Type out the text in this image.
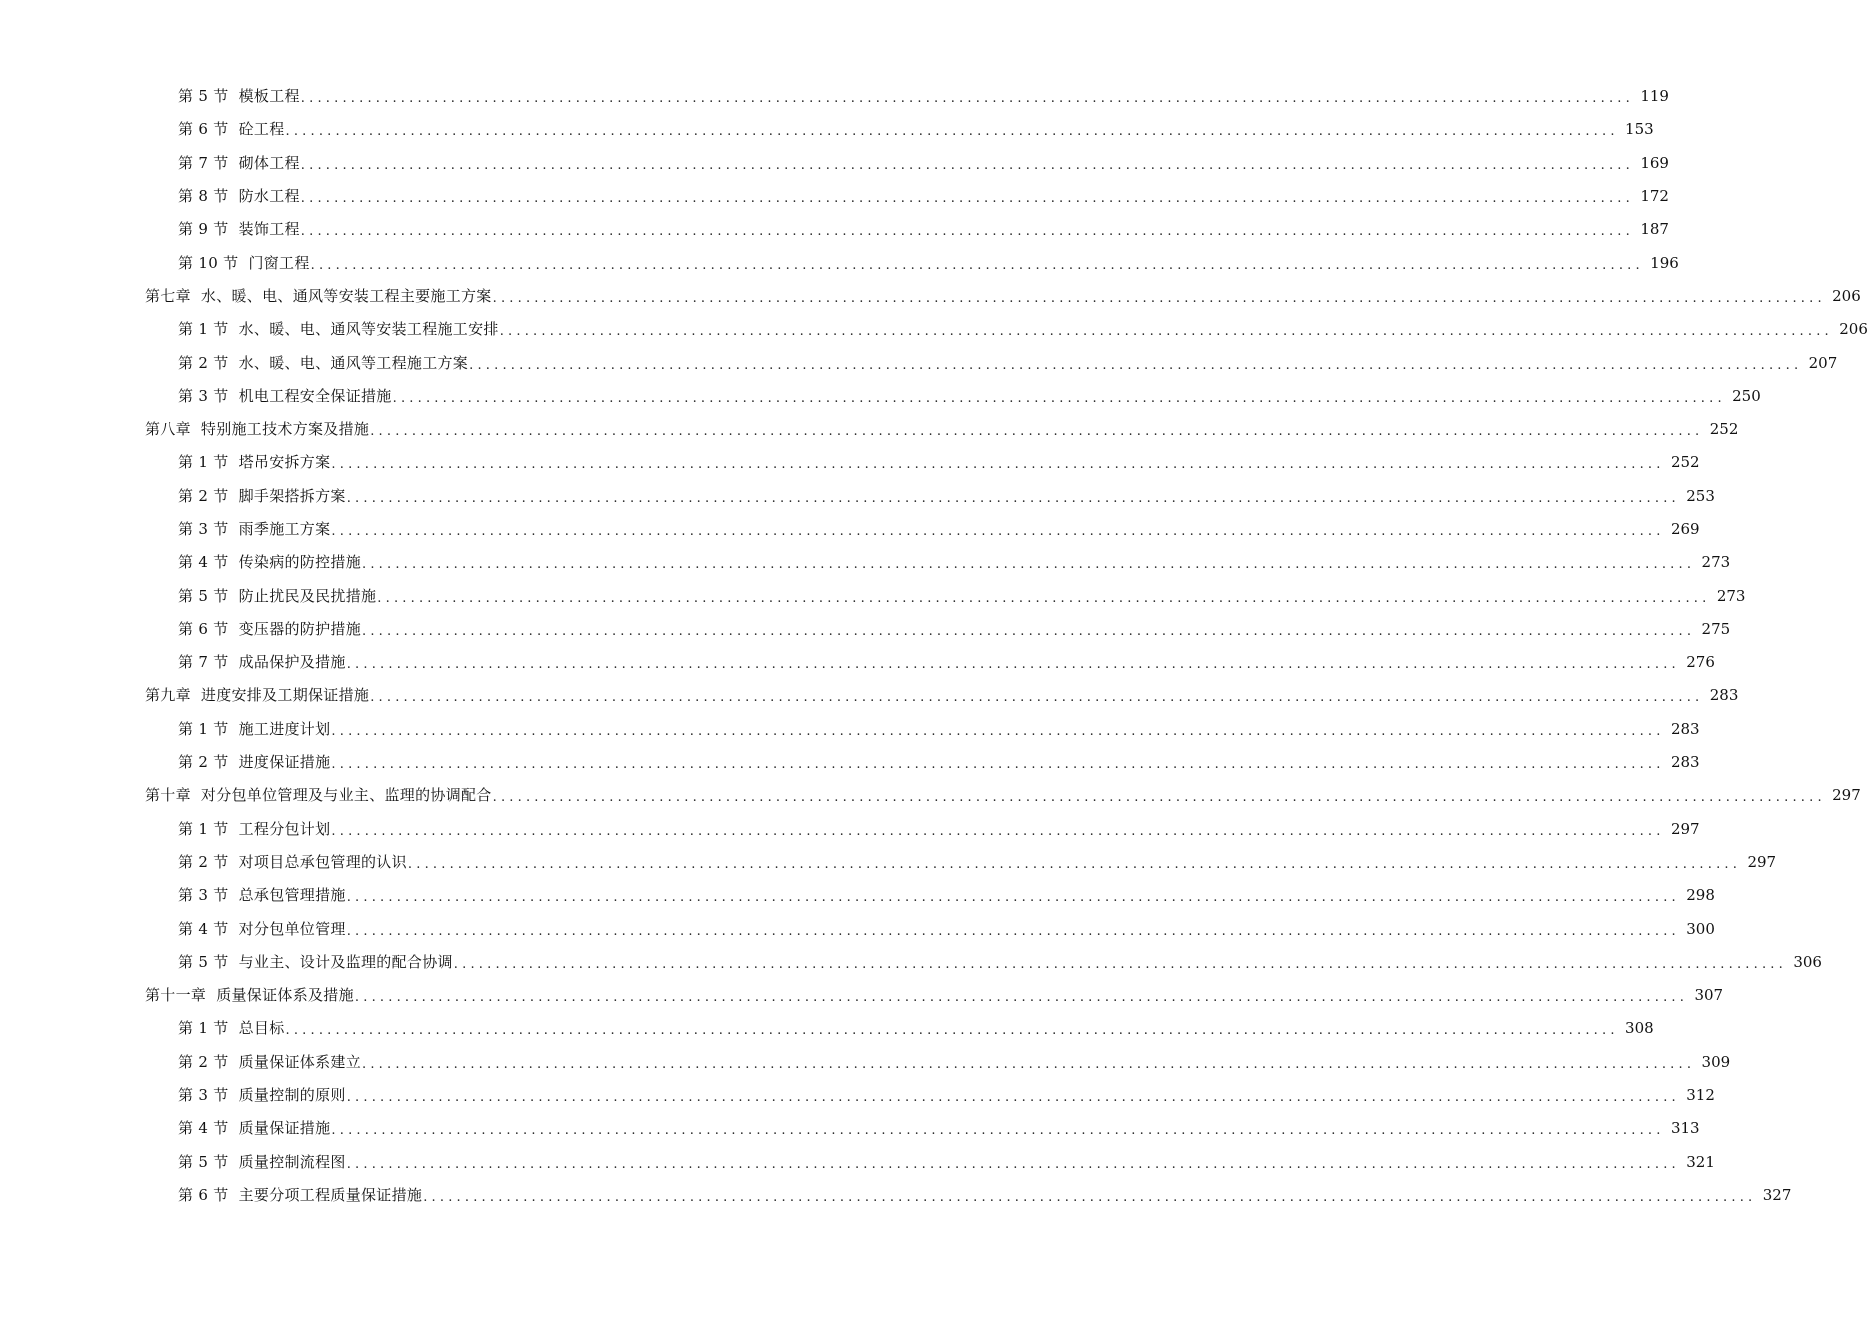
第 5 节 模板工程 ................................................................................................................................................................ 119
第 6 节 砼工程 ................................................................................................................................................................ 153
第 7 节 砌体工程 ................................................................................................................................................................ 169
第 8 节 防水工程 ................................................................................................................................................................ 172
第 9 节 装饰工程 ................................................................................................................................................................ 187
第 10 节 门窗工程 ................................................................................................................................................................ 196
第七章 水、暖、电、通风等安装工程主要施工方案 ................................................................................................................................................................ 206
第 1 节 水、暖、电、通风等安装工程施工安排 ................................................................................................................................................................ 206
第 2 节 水、暖、电、通风等工程施工方案 ................................................................................................................................................................ 207
第 3 节 机电工程安全保证措施 ................................................................................................................................................................ 250
第八章 特别施工技术方案及措施 ................................................................................................................................................................ 252
第 1 节 塔吊安拆方案 ................................................................................................................................................................ 252
第 2 节 脚手架搭拆方案 ................................................................................................................................................................ 253
第 3 节 雨季施工方案 ................................................................................................................................................................ 269
第 4 节 传染病的防控措施 ................................................................................................................................................................ 273
第 5 节 防止扰民及民扰措施 ................................................................................................................................................................ 273
第 6 节 变压器的防护措施 ................................................................................................................................................................ 275
第 7 节 成品保护及措施 ................................................................................................................................................................ 276
第九章 进度安排及工期保证措施 ................................................................................................................................................................ 283
第 1 节 施工进度计划 ................................................................................................................................................................ 283
第 2 节 进度保证措施 ................................................................................................................................................................ 283
第十章 对分包单位管理及与业主、监理的协调配合 ................................................................................................................................................................ 297
第 1 节 工程分包计划 ................................................................................................................................................................ 297
第 2 节 对项目总承包管理的认识 ................................................................................................................................................................ 297
第 3 节 总承包管理措施 ................................................................................................................................................................ 298
第 4 节 对分包单位管理 ................................................................................................................................................................ 300
第 5 节 与业主、设计及监理的配合协调 ................................................................................................................................................................ 306
第十一章 质量保证体系及措施 ................................................................................................................................................................ 307
第 1 节 总目标 ................................................................................................................................................................ 308
第 2 节 质量保证体系建立 ................................................................................................................................................................ 309
第 3 节 质量控制的原则 ................................................................................................................................................................ 312
第 4 节 质量保证措施 ................................................................................................................................................................ 313
第 5 节 质量控制流程图 ................................................................................................................................................................ 321
第 6 节 主要分项工程质量保证措施 ................................................................................................................................................................ 327
